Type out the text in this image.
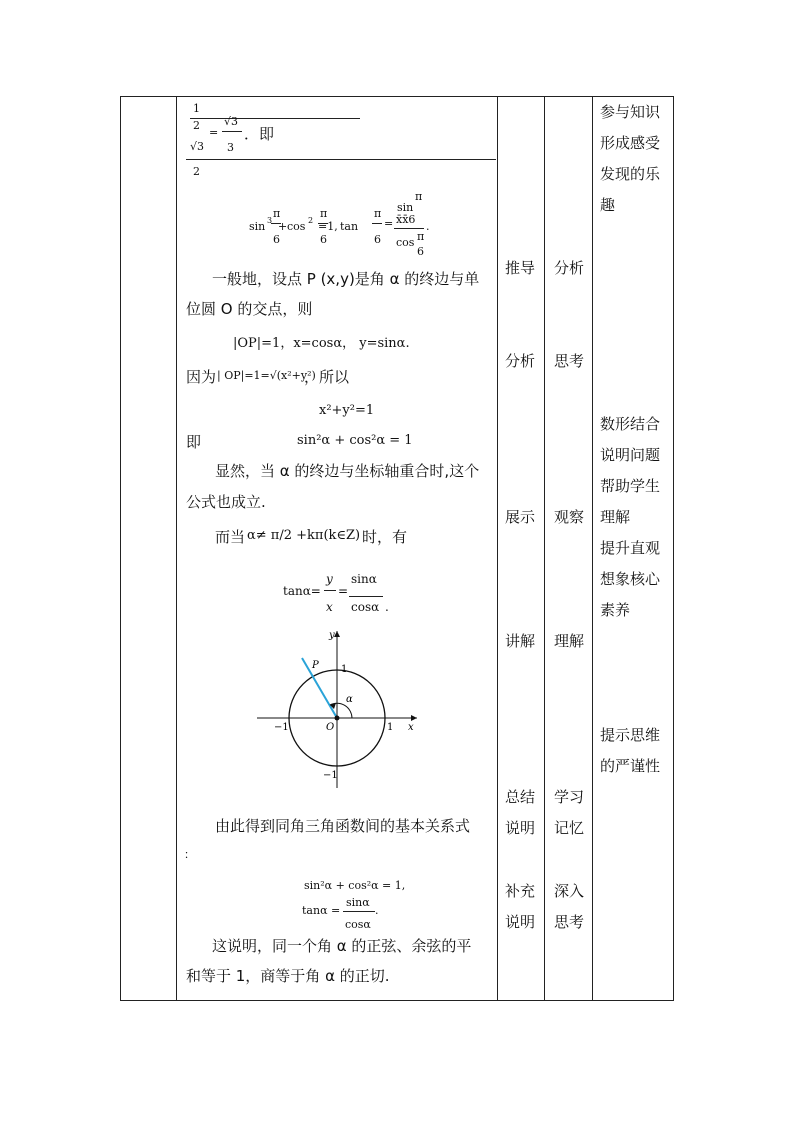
1
2
=
√3
3
．即
√3
2
sin 3
π
6
+ cos 2
π
6
=1, tan
π
6
=
sin
π
x̄x̄6
cos π
6
.
一般地，设点 P (x,y)是角 α 的终边与单
位圆 O 的交点，则
|OP|=1，x=cosα， y=sinα.
因为 | OP|=1=√(x²+y²)
，所以
x²+y²=1
即	sin²α + cos²α = 1
显然，当 α 的终边与坐标轴重合时,这个
公式也成立.
而当 α≠ π/2 +kπ(k∈Z) 时，有
tanα=
y
x
=
sinα
cosα .
y
x
P
O
1
1
−1
−1
α
由此得到同角三角函数间的基本关系式
：
sin²α + cos²α = 1,
tanα =
sinα
cosα
.
这说明，同一个角 α 的正弦、余弦的平
和等于 1，商等于角 α 的正切.
推导
分析
展示
讲解
总结
说明
补充
说明
分析
思考
观察
理解
学习
记忆
深入
思考
参与知识
形成感受
发现的乐
趣
数形结合
说明问题
帮助学生
理解
提升直观
想象核心
素养
提示思维
的严谨性
